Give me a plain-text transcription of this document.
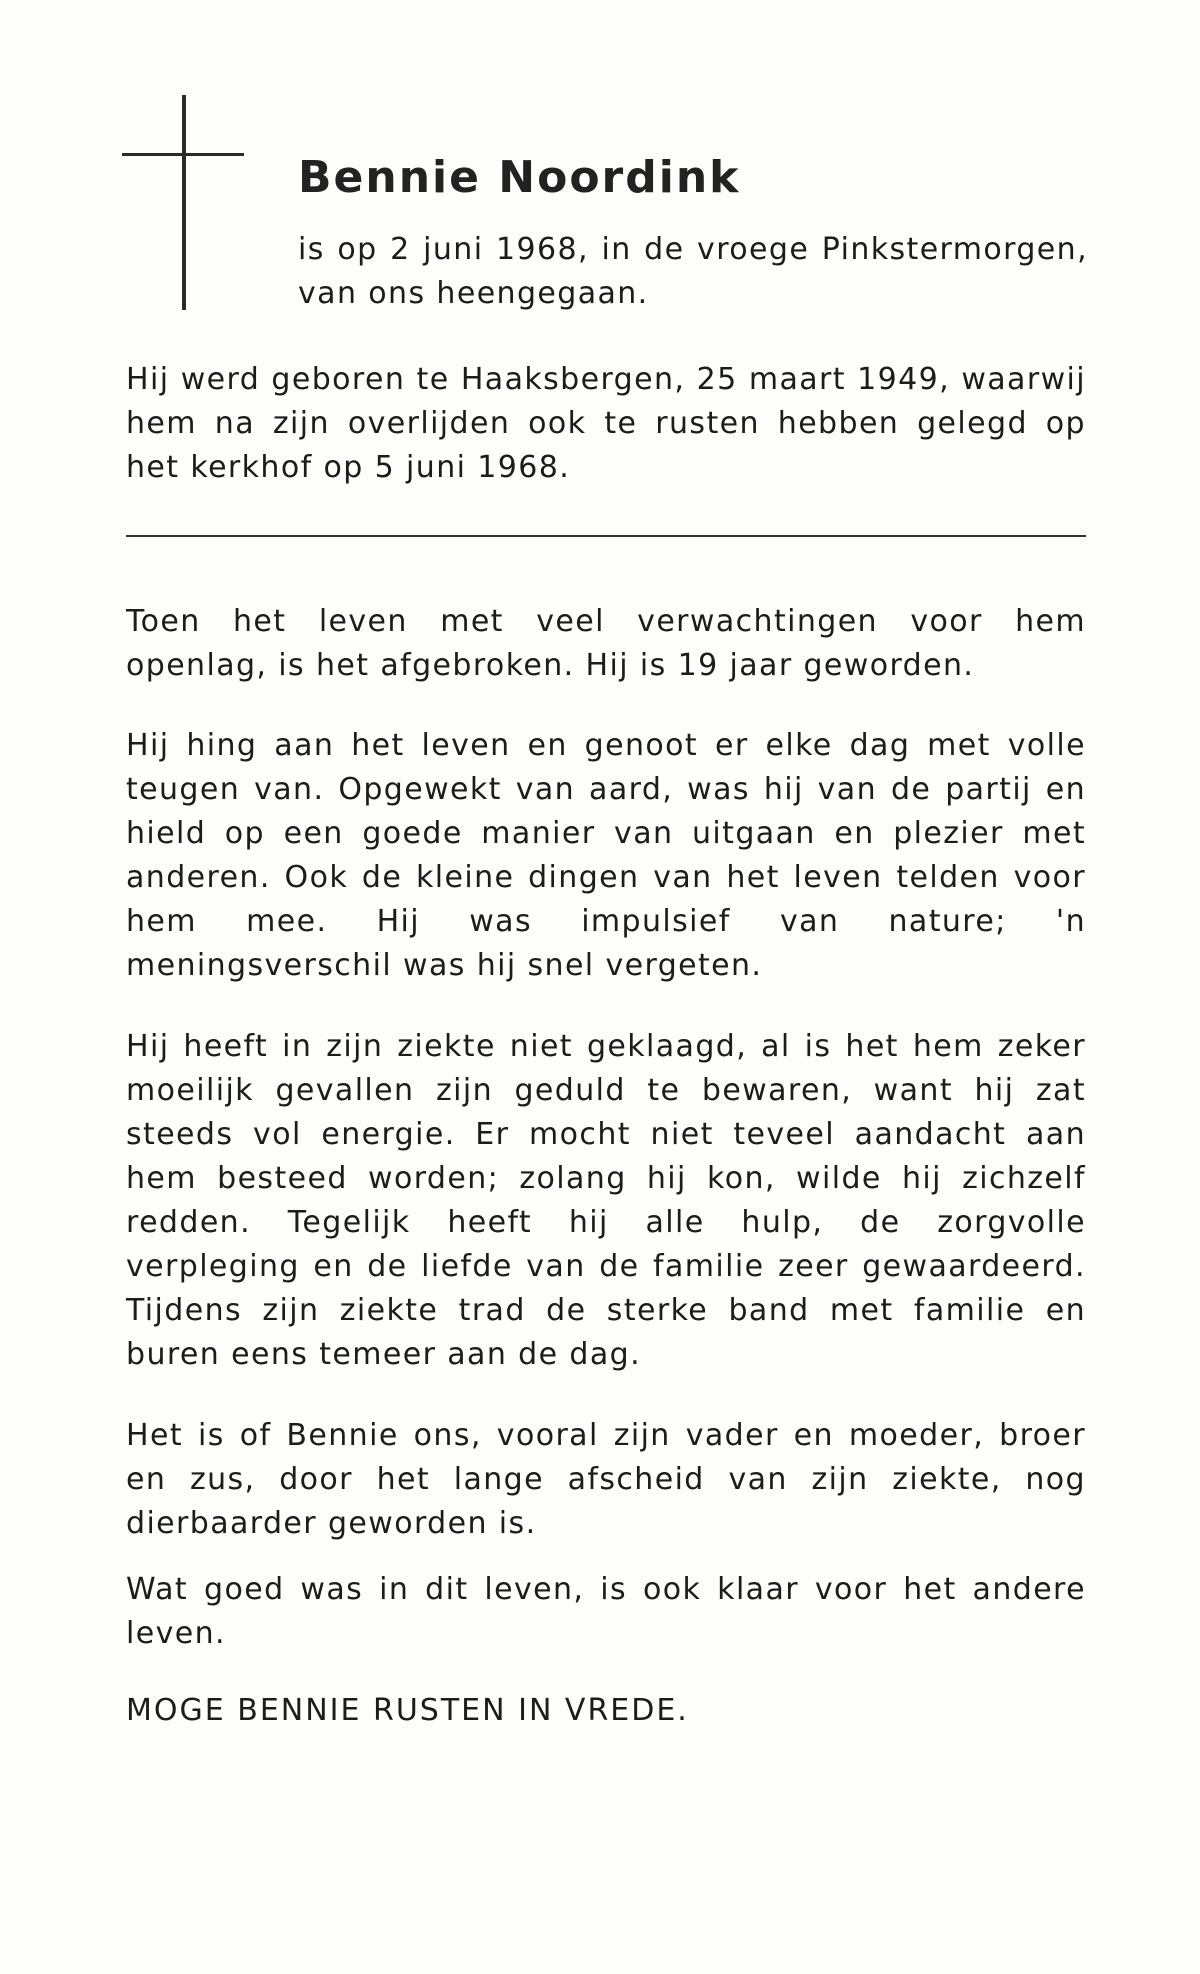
Bennie Noordink
is op 2 juni 1968, in de vroege Pinkstermorgen, van ons heengegaan.
Hij werd geboren te Haaksbergen, 25 maart 1949, waarwij hem na zijn overlijden ook te rusten hebben gelegd op het kerkhof op 5 juni 1968.
Toen het leven met veel verwachtingen voor hem openlag, is het afgebroken. Hij is 19 jaar geworden.
Hij hing aan het leven en genoot er elke dag met volle teugen van. Opgewekt van aard, was hij van de partij en hield op een goede manier van uitgaan en plezier met anderen. Ook de kleine dingen van het leven telden voor hem mee. Hij was impulsief van nature; 'n meningsverschil was hij snel vergeten.
Hij heeft in zijn ziekte niet geklaagd, al is het hem zeker moeilijk gevallen zijn geduld te bewaren, want hij zat steeds vol energie. Er mocht niet teveel aandacht aan hem besteed worden; zolang hij kon, wilde hij zichzelf redden. Tegelijk heeft hij alle hulp, de zorgvolle verpleging en de liefde van de familie zeer gewaardeerd. Tijdens zijn ziekte trad de sterke band met familie en buren eens temeer aan de dag.
Het is of Bennie ons, vooral zijn vader en moeder, broer en zus, door het lange afscheid van zijn ziekte, nog dierbaarder geworden is.
Wat goed was in dit leven, is ook klaar voor het andere leven.
MOGE BENNIE RUSTEN IN VREDE.
